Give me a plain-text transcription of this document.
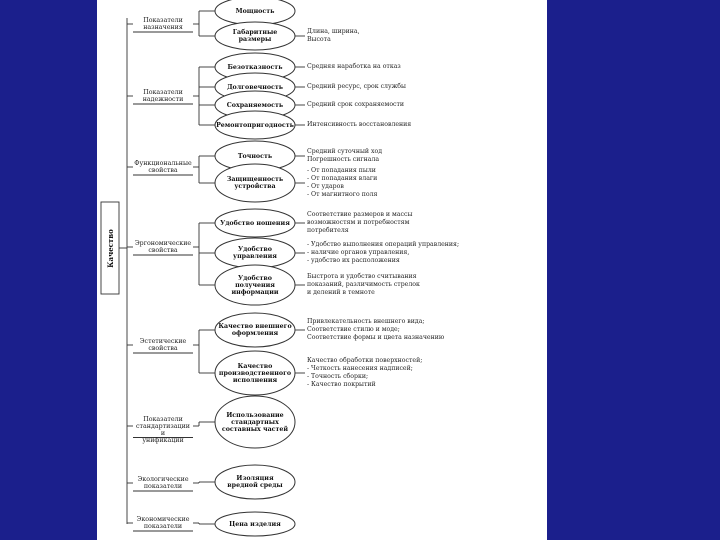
Качество
Показатели
назначения
Мощность
Габаритные размеры
Длина, ширина,
Высота
Показатели
надежности
Безотказность	Средняя наработка на отказ
Долговечность	Средний ресурс, срок службы
Сохраняемость	Средний срок сохраняемости
Ремонтопригодность Интенсивность восстановления
Функциональные
свойства
Точность
Средний суточный ход
Погрешность сигнала
Защищенность
устройства
- От попадания пыли
- От попадания влаги
- От ударов
- От магнитного поля
Эргономические
свойства
Удобство ношения
Соответствие размеров и массы
возможностям и потребностям
потребителя
Удобство управления
- Удобство выполнения операций управления;
- наличие органов управления,
- удобство их расположения
Удобство получения
информации
Быстрота и удобство считывания
показаний, различимость стрелок
и делений в темноте
Эстетические
свойства
Качество внешнего
оформления
Привлекательность внешнего вида;
Соответствие стилю и моде;
Соответствие формы и цвета назначению
Качество
производственного
исполнения
Качество обработки поверхностей;
- Четкость нанесения надписей;
- Точность сборки;
- Качество покрытий
Показатели
стандартизации и
унификации
Использование
стандартных
составных частей
Экологические
показатели
Изоляция
вредной среды
Экономические
показатели	Цена изделия
